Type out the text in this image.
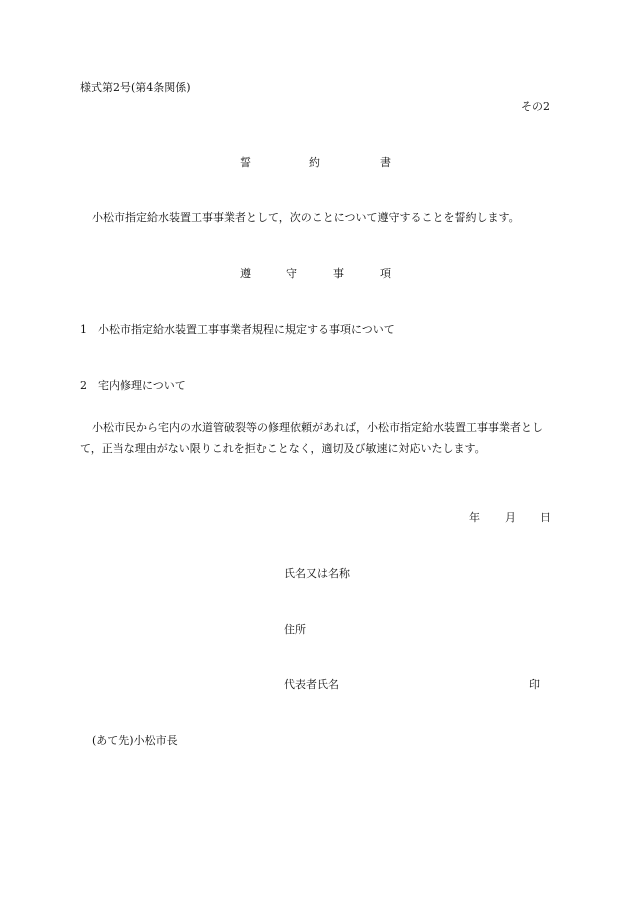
様式第2号(第4条関係)
その2
誓	約	書
小松市指定給水装置工事事業者として，次のことについて遵守することを誓約します。
遵	守	事	項
1　小松市指定給水装置工事事業者規程に規定する事項について
2　宅内修理について
小松市民から宅内の水道管破裂等の修理依頼があれば，小松市指定給水装置工事事業者として，正当な理由がない限りこれを拒むことなく，適切及び敏速に対応いたします。
年 月 日
氏名又は名称
住所
代表者氏名	印
(あて先)小松市長
